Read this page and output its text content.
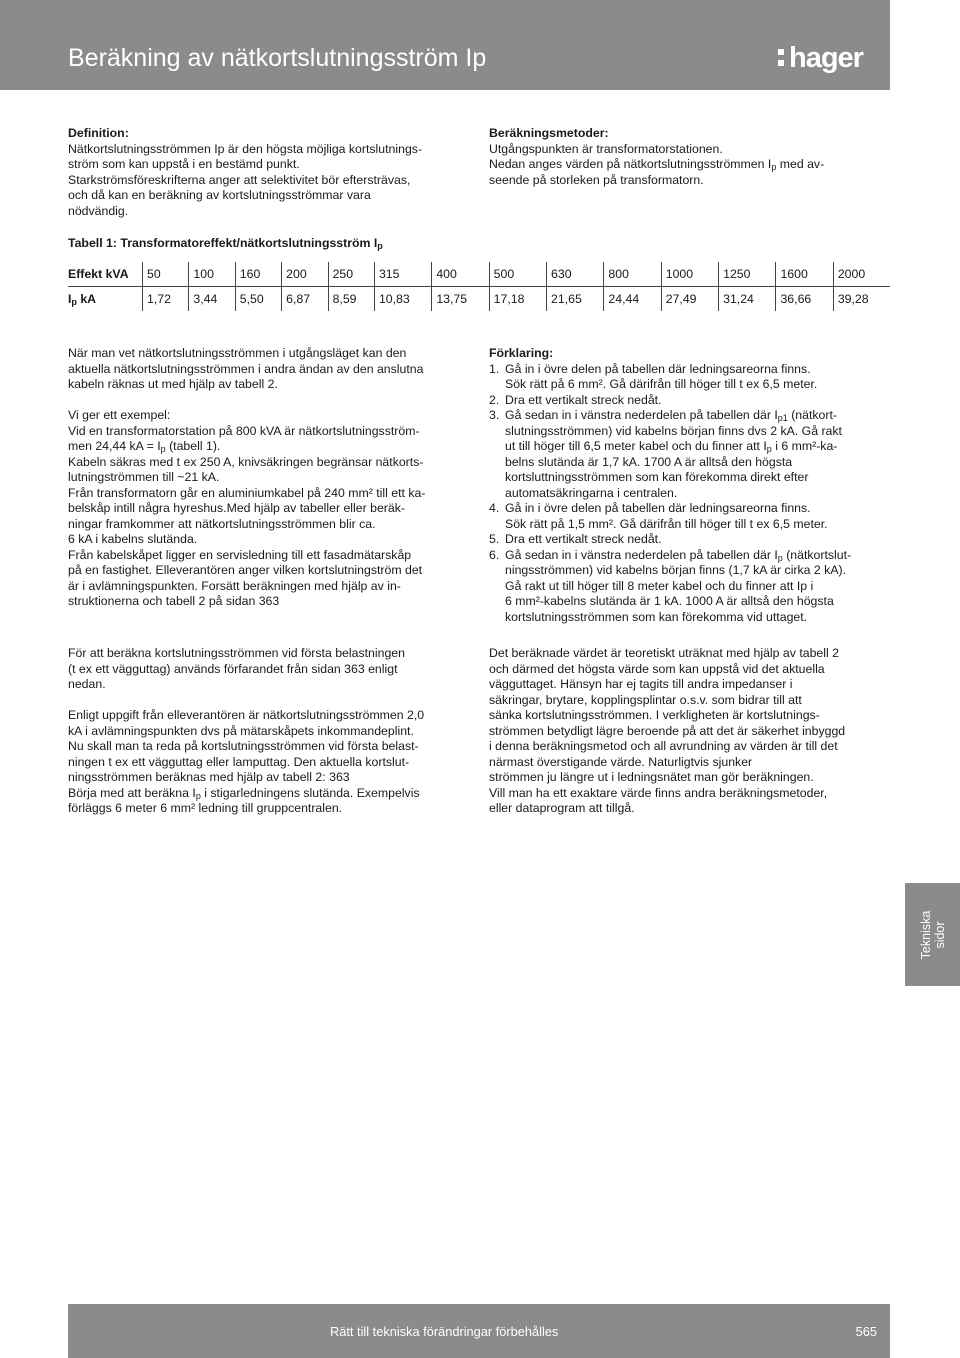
Beräkning av nätkortslutningsström Ip	hager

Definition:

Nätkortslutningsströmmen Ip är den högsta möjliga kortslutnings-

ström som kan uppstå i en bestämd punkt.

Starkströmsföreskrifterna anger att selektivitet bör eftersträvas,

och då kan en beräkning av kortslutningsströmmar vara

nödvändig.

Beräkningsmetoder:

Utgångspunkten är transformatorstationen.

Nedan anges värden på nätkortslutningsströmmen $I_p$ med av-

seende på storleken på transformatorn.

Tabell 1: Transformatoreffekt/nätkortslutningsström $I_p$
Effekt kVA	50	100	160	200	250	315	400	500	630	800	1000	1250	1600	2000
$I_p$ kA	1,72	3,44	5,50	6,87	8,59	10,83	13,75	17,18	21,65	24,44	27,49	31,24	36,66	39,28

När man vet nätkortslutningsströmmen i utgångsläget kan den

aktuella nätkortslutningsströmmen i andra ändan av den anslutna

kabeln räknas ut med hjälp av tabell 2.

Vi ger ett exempel:

Vid en transformatorstation på 800 kVA är nätkortslutningsström-

men 24,44 kA = $I_p$ (tabell 1).

Kabeln säkras med t ex 250 A, knivsäkringen begränsar nätkorts-

lutningströmmen till ~21 kA.

Från transformatorn går en aluminiumkabel på 240 mm² till ett ka-

belskåp intill några hyreshus.Med hjälp av tabeller eller beräk-

ningar framkommer att nätkortslutningsströmmen blir ca.

6 kA i kabelns slutända.

Från kabelskåpet ligger en servisledning till ett fasadmätarskåp

på en fastighet. Elleverantören anger vilken kortslutningström det

är i avlämningspunkten. Forsätt beräkningen med hjälp av in-

struktionerna och tabell 2 på sidan 363

För att beräkna kortslutningsströmmen vid första belastningen

(t ex ett vägguttag) används förfarandet från sidan 363 enligt

nedan.

Enligt uppgift från elleverantören är nätkortslutningsströmmen 2,0

kA i avlämningspunkten dvs på mätarskåpets inkommandeplint.

Nu skall man ta reda på kortslutningsströmmen vid första belast-

ningen t ex ett vägguttag eller lamputtag. Den aktuella kortslut-

ningsströmmen beräknas med hjälp av tabell 2: 363

Börja med att beräkna $I_p$ i stigarledningens slutända. Exempelvis

förläggs 6 meter 6 mm² ledning till gruppcentralen.

Förklaring:

1. Gå in i övre delen på tabellen där ledningsareorna finns.

Sök rätt på 6 mm². Gå därifrån till höger till t ex 6,5 meter.

2. Dra ett vertikalt streck nedåt.

3. Gå sedan in i vänstra nederdelen på tabellen där $I_{p1}$ (nätkort-

slutningsströmmen) vid kabelns början finns dvs 2 kA. Gå rakt

ut till höger till 6,5 meter kabel och du finner att $I_p$ i 6 mm²-ka-

belns slutända är 1,7 kA. 1700 A är alltså den högsta

kortsluttningsströmmen som kan förekomma direkt efter

automatsäkringarna i centralen.

4. Gå in i övre delen på tabellen där ledningsareorna finns.

Sök rätt på 1,5 mm². Gå därifrån till höger till t ex 6,5 meter.

5. Dra ett vertikalt streck nedåt.

6. Gå sedan in i vänstra nederdelen på tabellen där $I_p$ (nätkortslut-

ningsströmmen) vid kabelns början finns (1,7 kA är cirka 2 kA).

Gå rakt ut till höger till 8 meter kabel och du finner att Ip i

6 mm²-kabelns slutända är 1 kA. 1000 A är alltså den högsta

kortslutningsströmmen som kan förekomma vid uttaget.

Det beräknade värdet är teoretiskt uträknat med hjälp av tabell 2

och därmed det högsta värde som kan uppstå vid det aktuella

vägguttaget. Hänsyn har ej tagits till andra impedanser i

säkringar, brytare, kopplingsplintar o.s.v. som bidrar till att

sänka kortslutningsströmmen. I verkligheten är kortslutnings-

strömmen betydligt lägre beroende på att det är säkerhet inbyggd

i denna beräkningsmetod och all avrundning av värden är till det

närmast överstigande värde. Naturligtvis sjunker

strömmen ju längre ut i ledningsnätet man gör beräkningen.

Vill man ha ett exaktare värde finns andra beräkningsmetoder,

eller dataprogram att tillgå.

Tekniska sidor
Rätt till tekniska förändringar förbehålles	565
